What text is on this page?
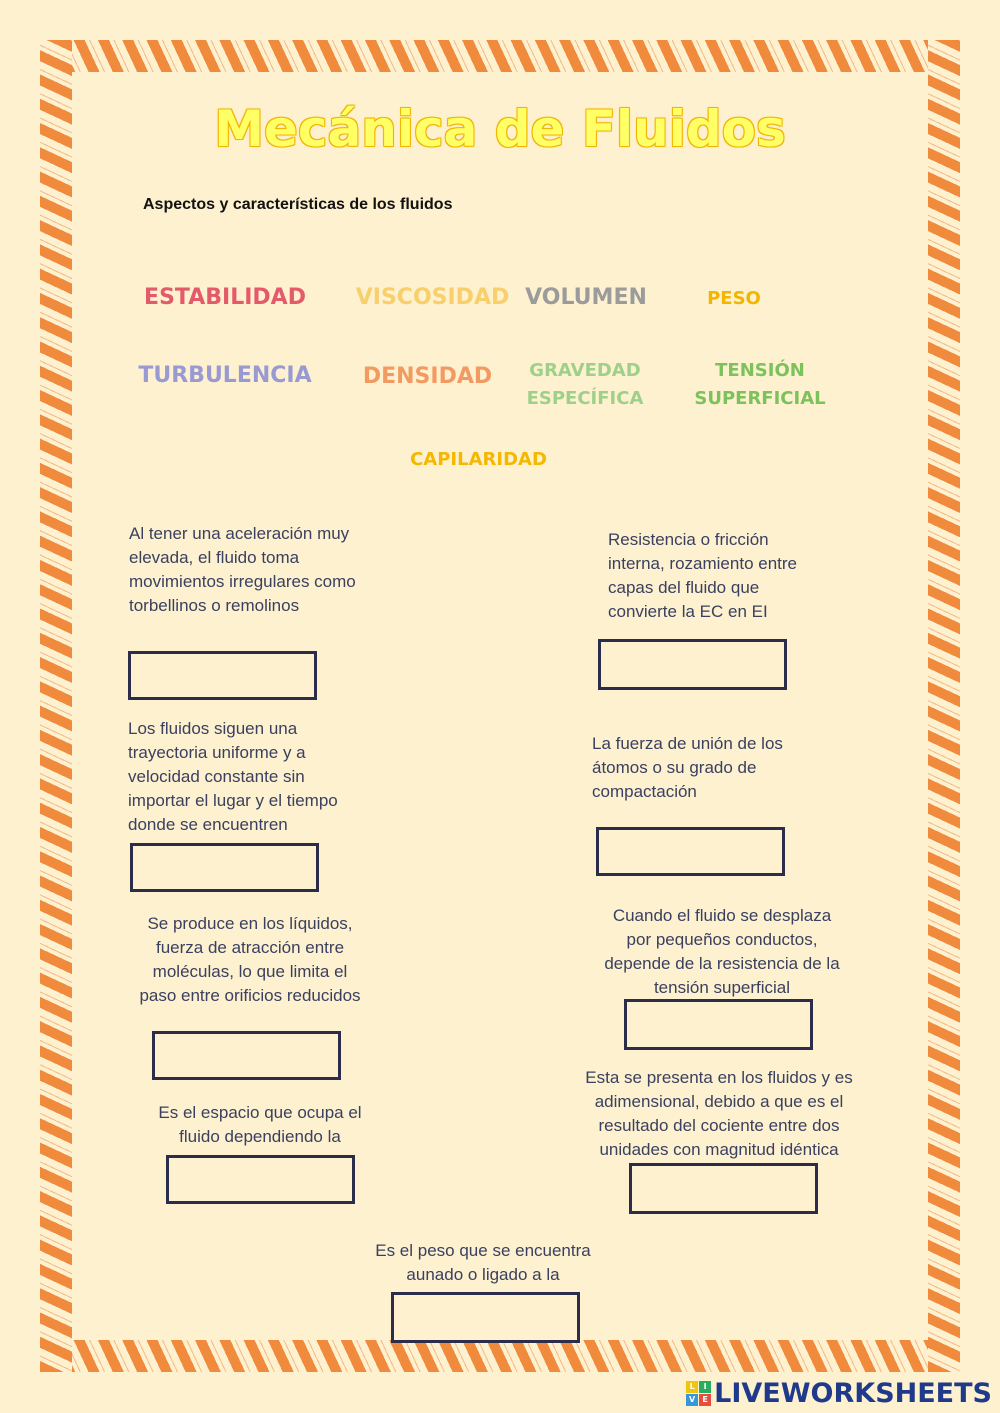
Mecánica de Fluidos
Aspectos y características de los fluidos
ESTABILIDAD VISCOSIDAD VOLUMEN	PESO
TURBULENCIA DENSIDAD GRAVEDAD ESPECÍFICA
TENSIÓN SUPERFICIAL
CAPILARIDAD
Al tener una aceleración muy elevada, el fluido toma movimientos irregulares como torbellinos o remolinos
Resistencia o fricción interna, rozamiento entre capas del fluido que convierte la EC en EI
Los fluidos siguen una trayectoria uniforme y a velocidad constante sin importar el lugar y el tiempo donde se encuentren
La fuerza de unión de los átomos o su grado de compactación
Se produce en los líquidos, fuerza de atracción entre moléculas, lo que limita el paso entre orificios reducidos
Cuando el fluido se desplaza por pequeños conductos, depende de la resistencia de la tensión superficial
Es el espacio que ocupa el fluido dependiendo la
Esta se presenta en los fluidos y es adimensional, debido a que es el resultado del cociente entre dos unidades con magnitud idéntica
Es el peso que se encuentra aunado o ligado a la
L	I
V E LIVEWORKSHEETS
